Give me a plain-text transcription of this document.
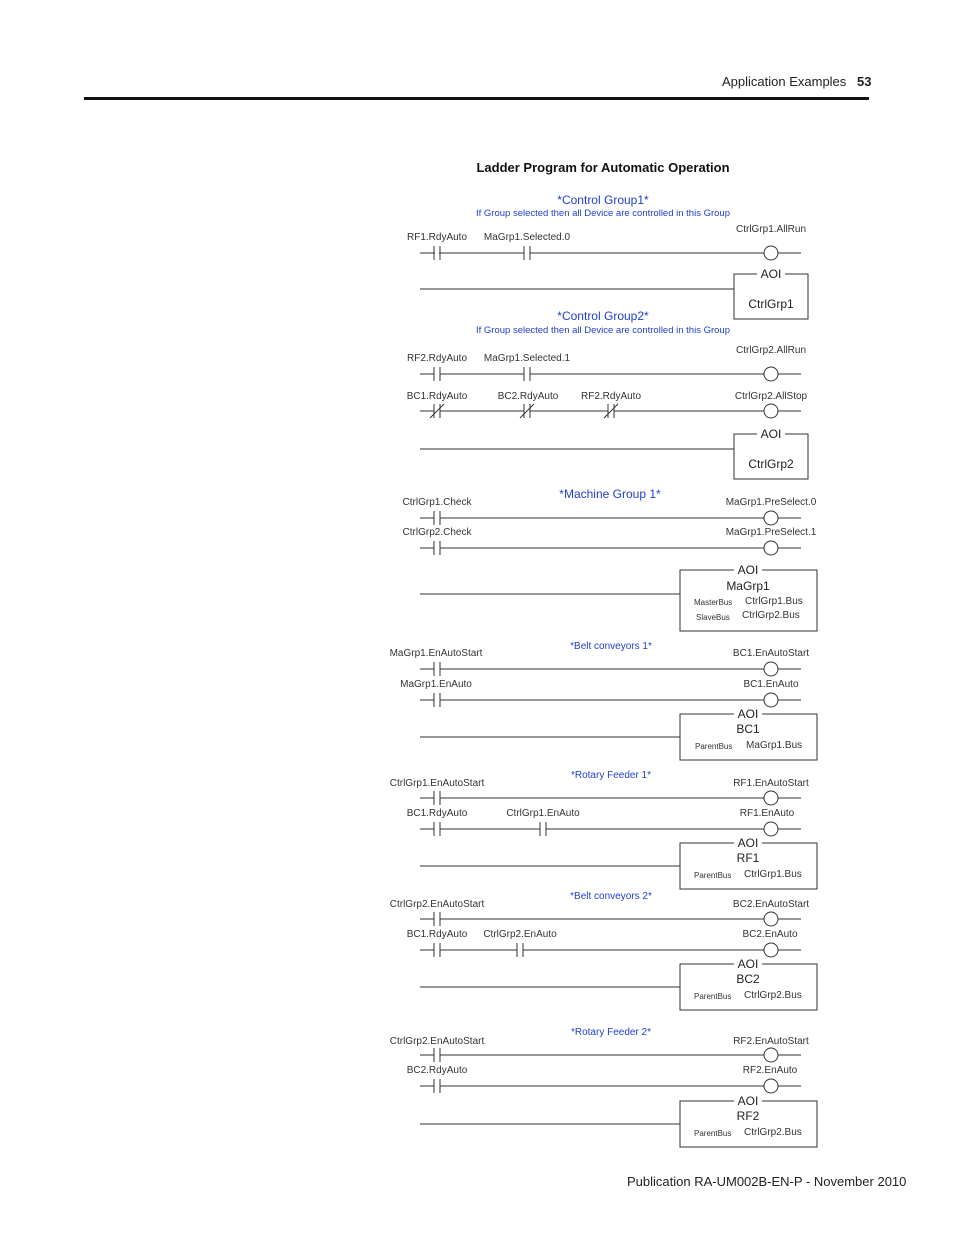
Application Examples 53
Ladder Program for Automatic Operation
*Control Group1*
If Group selected then all Device are controlled in this Group
RF1.RdyAuto MaGrp1.Selected.0
CtrlGrp1.AllRun
AOI
CtrlGrp1
*Control Group2*
If Group selected then all Device are controlled in this Group
RF2.RdyAuto MaGrp1.Selected.1
CtrlGrp2.AllRun
BC1.RdyAuto	BC2.RdyAuto RF2.RdyAuto	CtrlGrp2.AllStop
AOI
CtrlGrp2
*Machine Group 1*
CtrlGrp1.Check	MaGrp1.PreSelect.0
CtrlGrp2.Check	MaGrp1.PreSelect.1
AOI
MaGrp1
MasterBus CtrlGrp1.Bus
SlaveBus CtrlGrp2.Bus
*Belt conveyors 1*
MaGrp1.EnAutoStart	BC1.EnAutoStart
MaGrp1.EnAuto	BC1.EnAuto
AOI
BC1
ParentBus MaGrp1.Bus
*Rotary Feeder 1*
CtrlGrp1.EnAutoStart	RF1.EnAutoStart
BC1.RdyAuto	CtrlGrp1.EnAuto	RF1.EnAuto
AOI
RF1
ParentBus CtrlGrp1.Bus
*Belt conveyors 2*
CtrlGrp2.EnAutoStart	BC2.EnAutoStart
BC1.RdyAuto CtrlGrp2.EnAuto	BC2.EnAuto
AOI
BC2
ParentBus CtrlGrp2.Bus
*Rotary Feeder 2*
CtrlGrp2.EnAutoStart	RF2.EnAutoStart
BC2.RdyAuto	RF2.EnAuto
AOI
RF2
ParentBus CtrlGrp2.Bus
Publication RA-UM002B-EN-P - November 2010
